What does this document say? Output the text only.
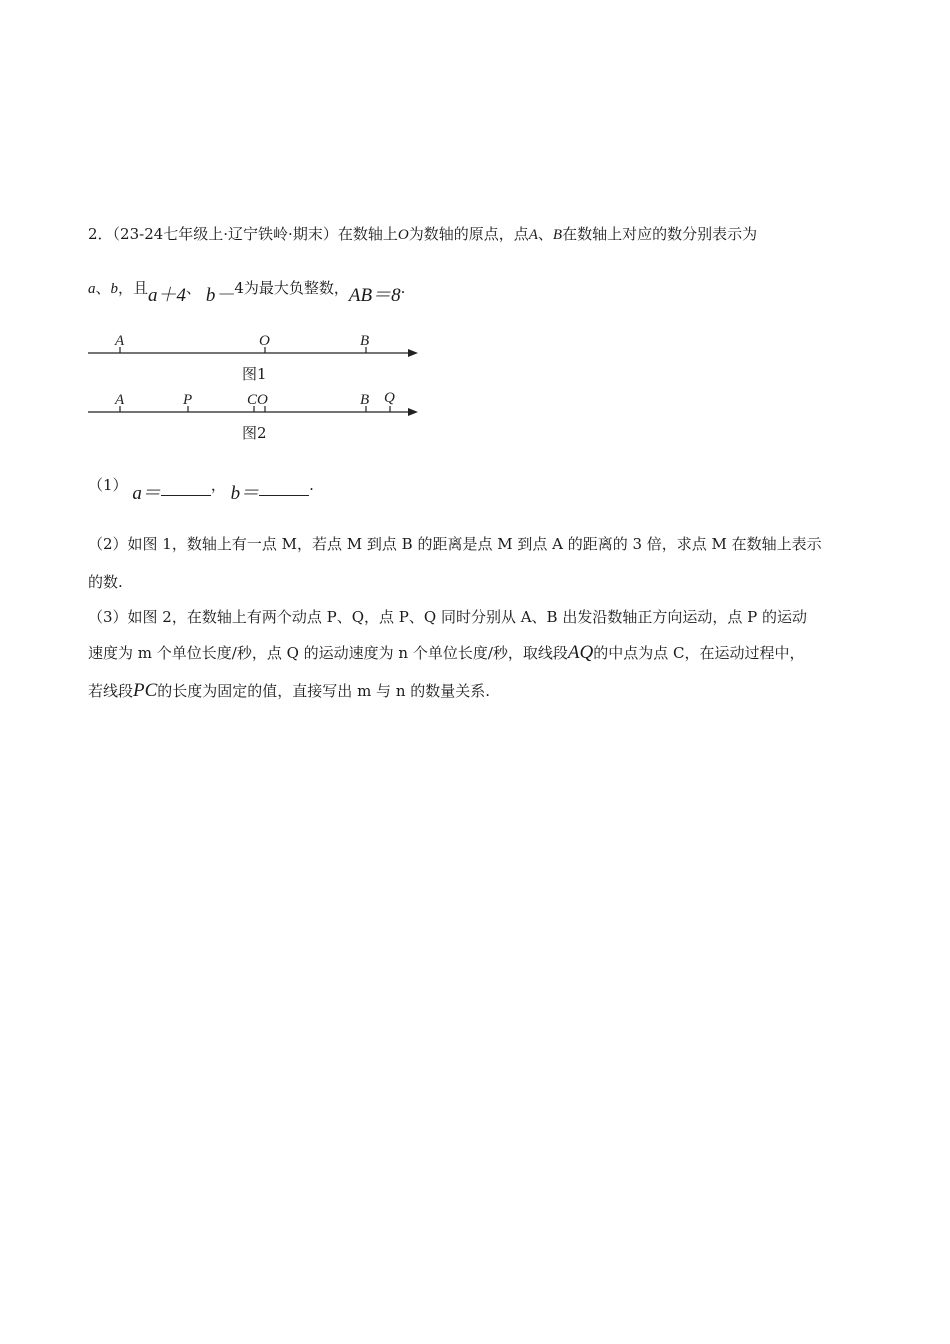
2．（23-24七年级上·辽宁铁岭·期末）在数轴上O为数轴的原点，点A、B在数轴上对应的数分别表示为
a、b，且a＋4、 b－4为最大负整数，AB＝8.
A	O	B
图1
A	P	CO	B Q
图2
（1） a＝	， b＝	.
（2）如图 1，数轴上有一点 M，若点 M 到点 B 的距离是点 M 到点 A 的距离的 3 倍，求点 M 在数轴上表示
的数.
（3）如图 2，在数轴上有两个动点 P、Q，点 P、Q 同时分别从 A、B 出发沿数轴正方向运动，点 P 的运动
速度为 m 个单位长度/秒，点 Q 的运动速度为 n 个单位长度/秒，取线段AQ的中点为点 C，在运动过程中，
若线段PC的长度为固定的值，直接写出 m 与 n 的数量关系.
